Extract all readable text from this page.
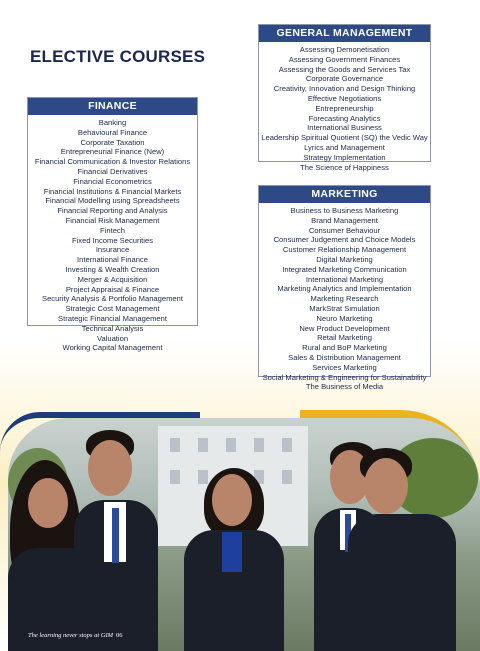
ELECTIVE COURSES
GENERAL MANAGEMENT
Assessing Demonetisation
Assessing Government Finances
Assessing the Goods and Services Tax
Corporate Governance
Creativity, Innovation and Design Thinking
Effective Negotiations
Entrepreneurship
Forecasting Analytics
International Business
Leadership Spiritual Quotient (SQ) the Vedic Way
Lyrics and Management
Strategy Implementation
The Science of Happiness
FINANCE
Banking
Behavioural Finance
Corporate Taxation
Entrepreneurial Finance (New)
Financial Communication & Investor Relations
Financial Derivatives
Financial Econometrics
Financial Institutions & Financial Markets
Financial Modelling using Spreadsheets
Financial Reporting and Analysis
Financial Risk Management
Fintech
Fixed Income Securities
Insurance
International Finance
Investing & Wealth Creation
Merger & Acquisition
Project Appraisal & Finance
Security Analysis & Portfolio Management
Strategic Cost Management
Strategic Financial Management
Technical Analysis
Valuation
Working Capital Management
MARKETING
Business to Business Marketing
Brand Management
Consumer Behaviour
Consumer Judgement and Choice Models
Customer Relationship Management
Digital Marketing
Integrated Marketing Communication
International Marketing
Marketing Analytics and Implementation
Marketing Research
MarkStrat Simulation
Neuro Marketing
New Product Development
Retail Marketing
Rural and BoP Marketing
Sales & Distribution Management
Services Marketing
Social Marketing & Engineering for Sustainability
The Business of Media
The learning never stops at GIM 06
